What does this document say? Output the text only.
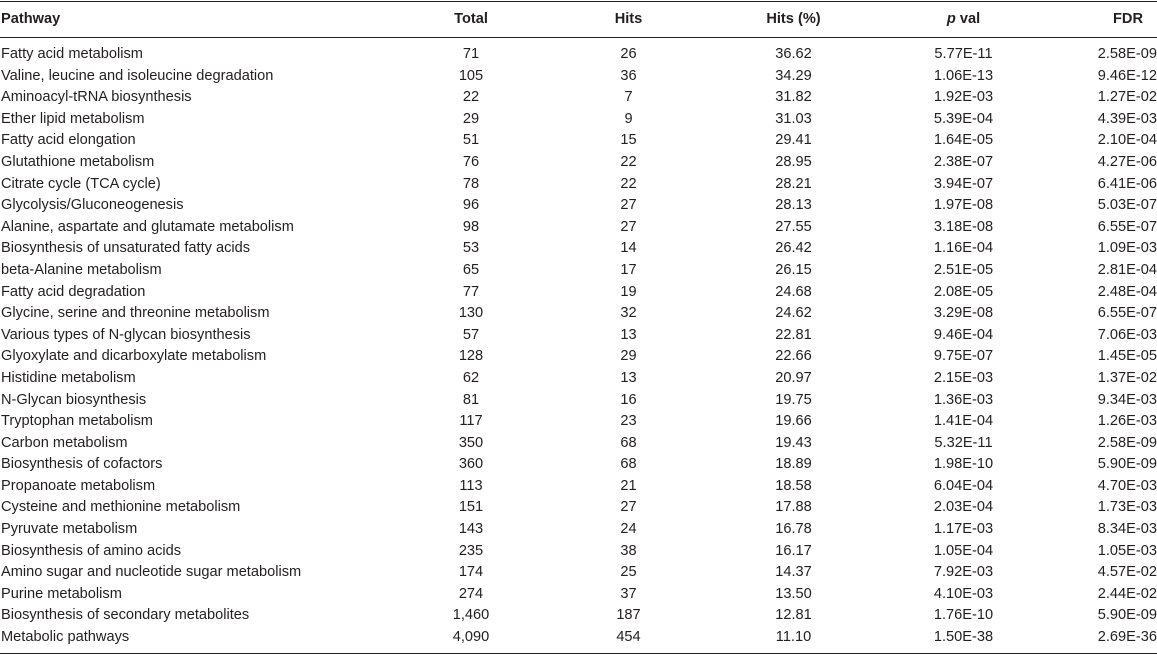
Pathway	Total	Hits	Hits (%)	p val	FDR
Fatty acid metabolism	71	26	36.62	5.77E-11	2.58E-09
Valine, leucine and isoleucine degradation	105	36	34.29	1.06E-13	9.46E-12
Aminoacyl-tRNA biosynthesis	22	7	31.82	1.92E-03	1.27E-02
Ether lipid metabolism	29	9	31.03	5.39E-04	4.39E-03
Fatty acid elongation	51	15	29.41	1.64E-05	2.10E-04
Glutathione metabolism	76	22	28.95	2.38E-07	4.27E-06
Citrate cycle (TCA cycle)	78	22	28.21	3.94E-07	6.41E-06
Glycolysis/Gluconeogenesis	96	27	28.13	1.97E-08	5.03E-07
Alanine, aspartate and glutamate metabolism	98	27	27.55	3.18E-08	6.55E-07
Biosynthesis of unsaturated fatty acids	53	14	26.42	1.16E-04	1.09E-03
beta-Alanine metabolism	65	17	26.15	2.51E-05	2.81E-04
Fatty acid degradation	77	19	24.68	2.08E-05	2.48E-04
Glycine, serine and threonine metabolism	130	32	24.62	3.29E-08	6.55E-07
Various types of N-glycan biosynthesis	57	13	22.81	9.46E-04	7.06E-03
Glyoxylate and dicarboxylate metabolism	128	29	22.66	9.75E-07	1.45E-05
Histidine metabolism	62	13	20.97	2.15E-03	1.37E-02
N-Glycan biosynthesis	81	16	19.75	1.36E-03	9.34E-03
Tryptophan metabolism	117	23	19.66	1.41E-04	1.26E-03
Carbon metabolism	350	68	19.43	5.32E-11	2.58E-09
Biosynthesis of cofactors	360	68	18.89	1.98E-10	5.90E-09
Propanoate metabolism	113	21	18.58	6.04E-04	4.70E-03
Cysteine and methionine metabolism	151	27	17.88	2.03E-04	1.73E-03
Pyruvate metabolism	143	24	16.78	1.17E-03	8.34E-03
Biosynthesis of amino acids	235	38	16.17	1.05E-04	1.05E-03
Amino sugar and nucleotide sugar metabolism	174	25	14.37	7.92E-03	4.57E-02
Purine metabolism	274	37	13.50	4.10E-03	2.44E-02
Biosynthesis of secondary metabolites	1,460	187	12.81	1.76E-10	5.90E-09
Metabolic pathways	4,090	454	11.10	1.50E-38	2.69E-36
